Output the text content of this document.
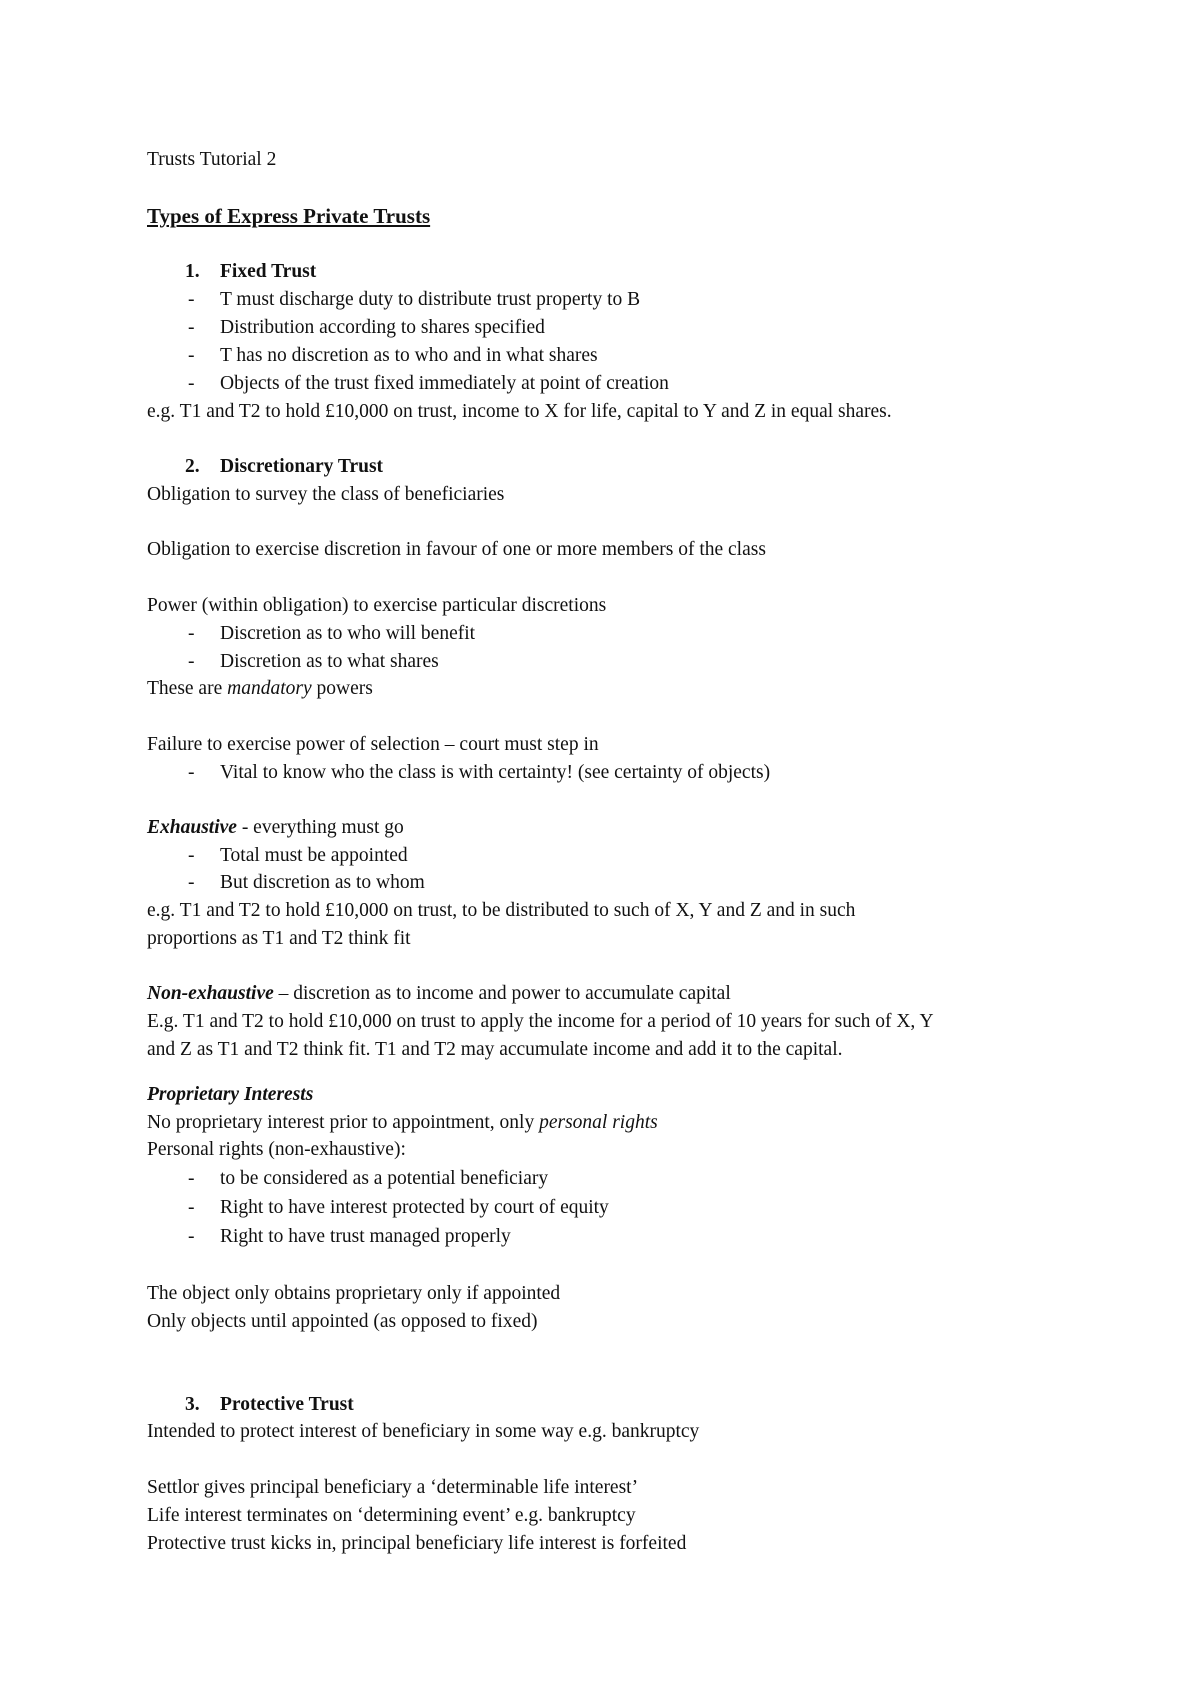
Trusts Tutorial 2
Types of Express Private Trusts
1. Fixed Trust
- T must discharge duty to distribute trust property to B
- Distribution according to shares specified
- T has no discretion as to who and in what shares
- Objects of the trust fixed immediately at point of creation
e.g. T1 and T2 to hold £10,000 on trust, income to X for life, capital to Y and Z in equal shares.
2. Discretionary Trust
Obligation to survey the class of beneficiaries
Obligation to exercise discretion in favour of one or more members of the class
Power (within obligation) to exercise particular discretions
- Discretion as to who will benefit
- Discretion as to what shares
These are mandatory powers
Failure to exercise power of selection – court must step in
- Vital to know who the class is with certainty! (see certainty of objects)
Exhaustive - everything must go
- Total must be appointed
- But discretion as to whom
e.g. T1 and T2 to hold £10,000 on trust, to be distributed to such of X, Y and Z and in such
proportions as T1 and T2 think fit
Non-exhaustive – discretion as to income and power to accumulate capital
E.g. T1 and T2 to hold £10,000 on trust to apply the income for a period of 10 years for such of X, Y
and Z as T1 and T2 think fit. T1 and T2 may accumulate income and add it to the capital.
Proprietary Interests
No proprietary interest prior to appointment, only personal rights
Personal rights (non-exhaustive):
- to be considered as a potential beneficiary
- Right to have interest protected by court of equity
- Right to have trust managed properly
The object only obtains proprietary only if appointed
Only objects until appointed (as opposed to fixed)
3. Protective Trust
Intended to protect interest of beneficiary in some way e.g. bankruptcy
Settlor gives principal beneficiary a ‘determinable life interest’
Life interest terminates on ‘determining event’ e.g. bankruptcy
Protective trust kicks in, principal beneficiary life interest is forfeited
